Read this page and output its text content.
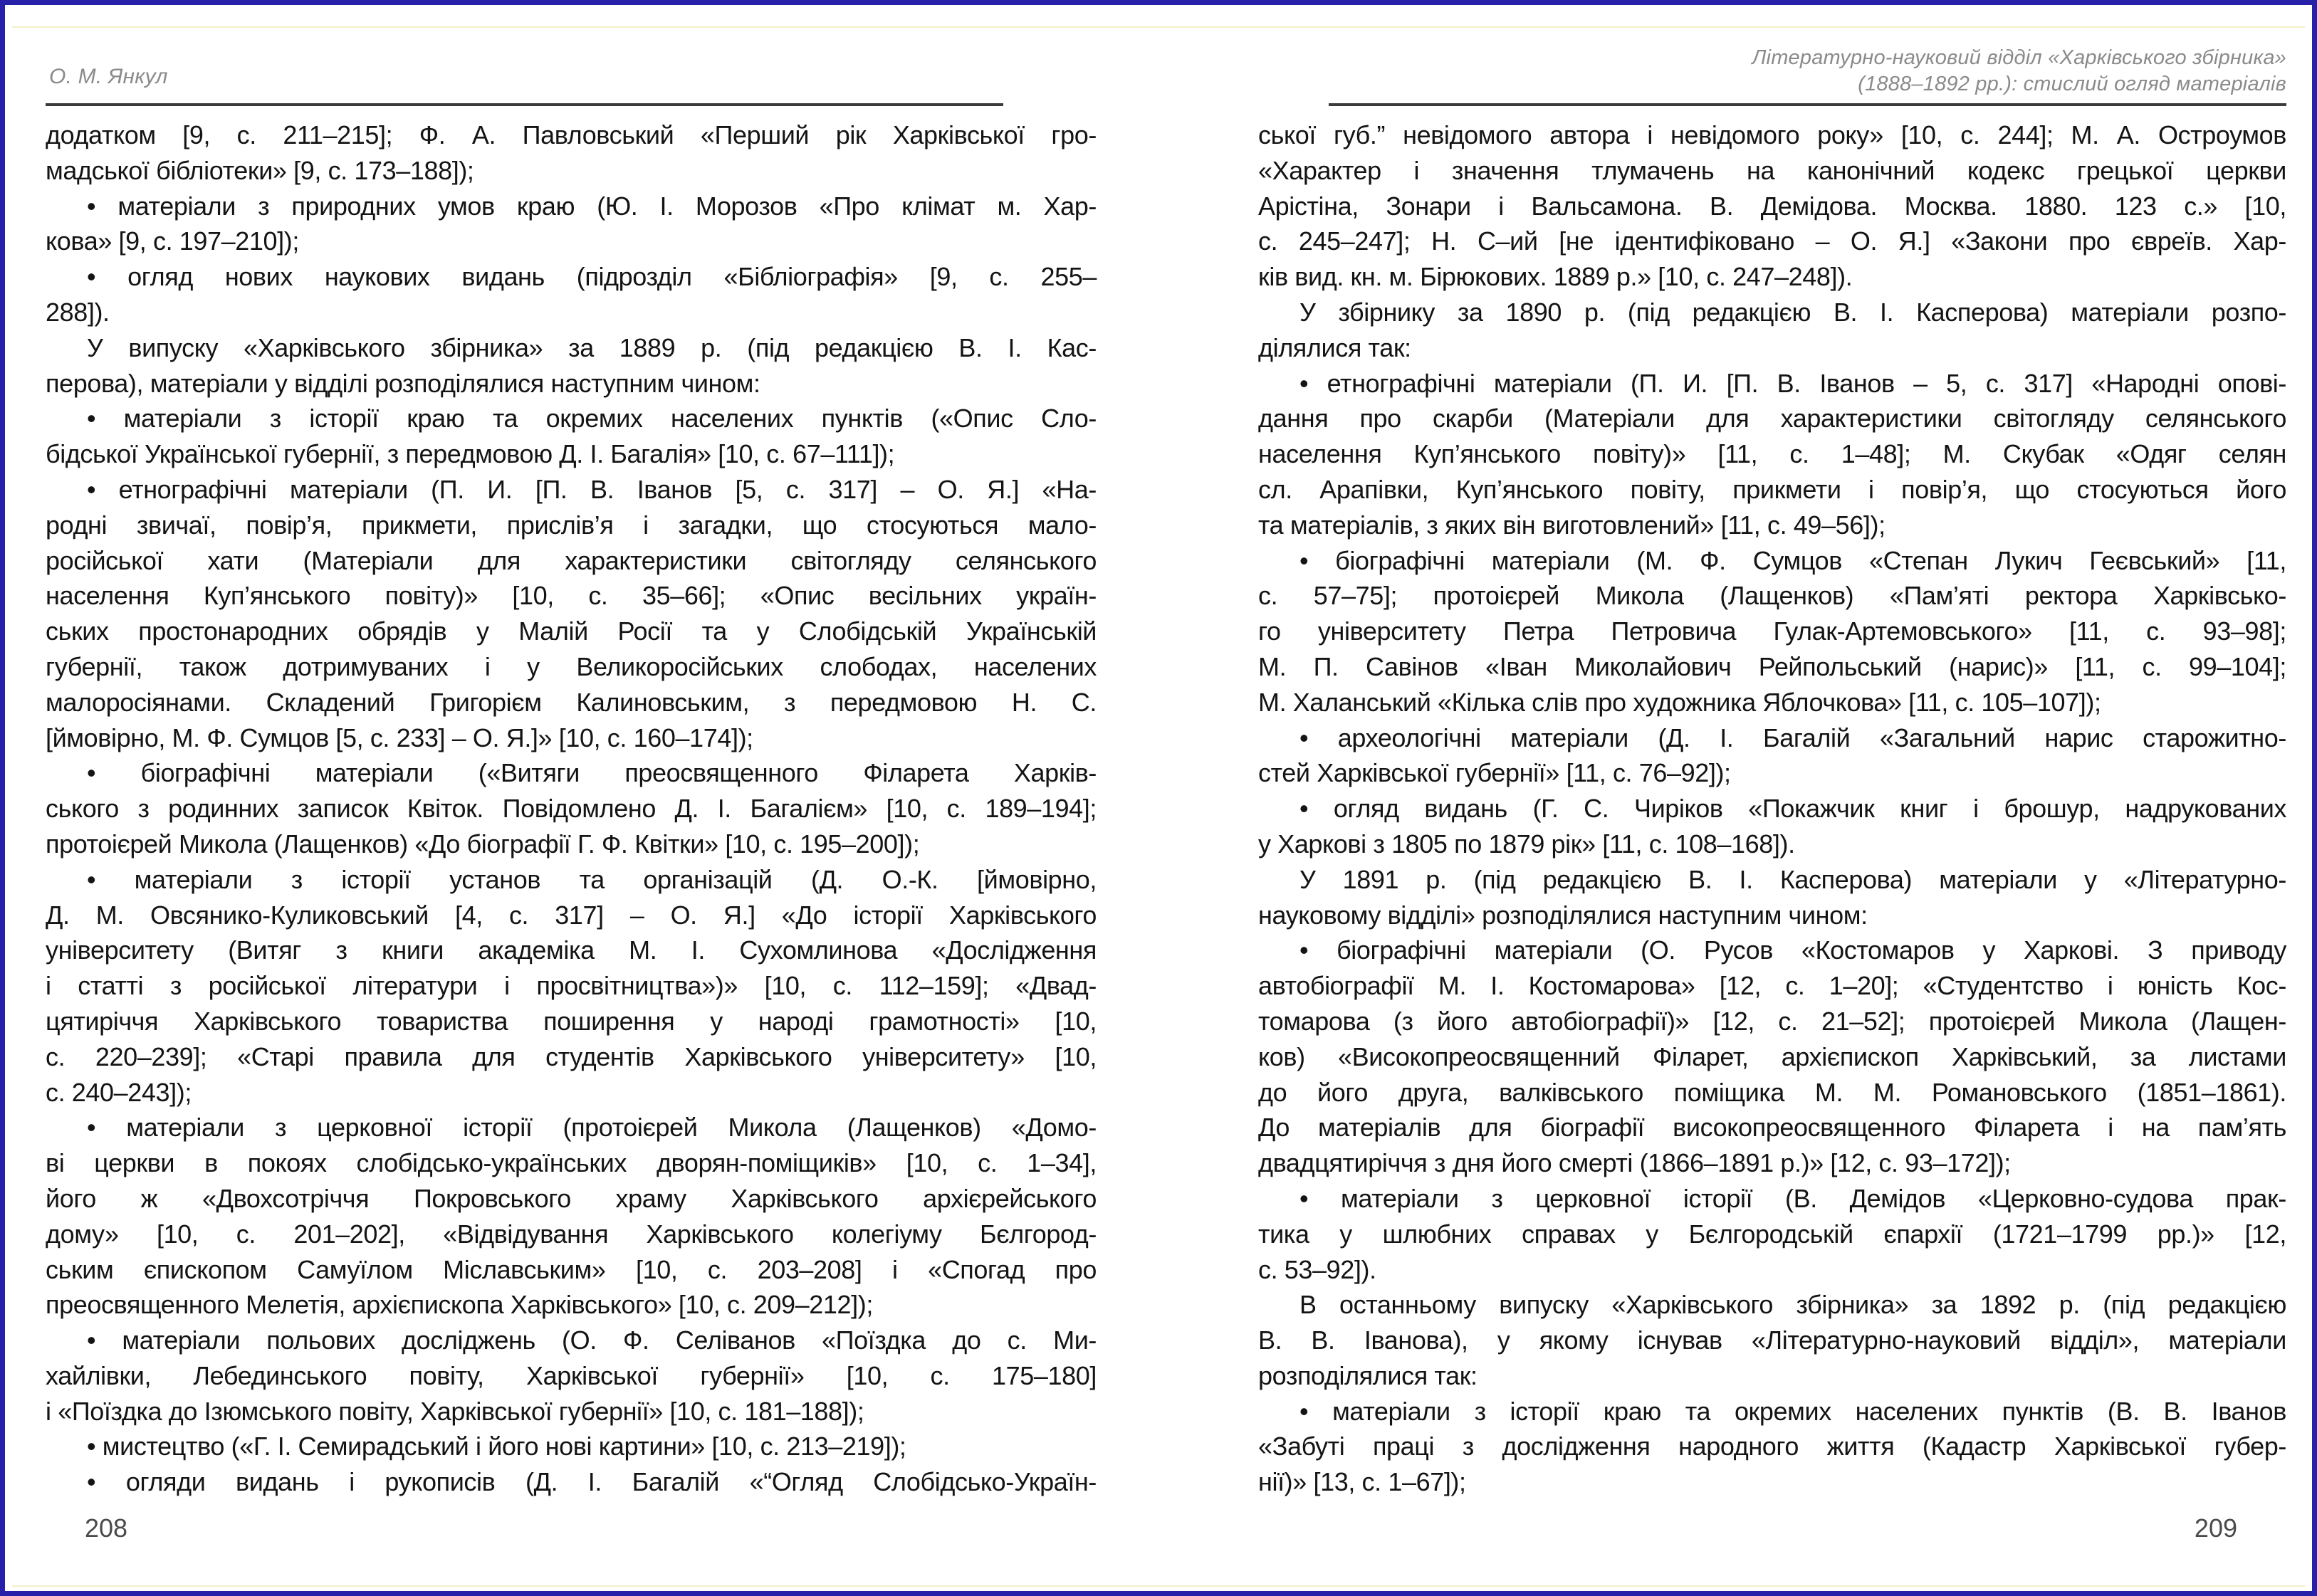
О. М. Янкул
Літературно-науковий відділ «Харківського збірника»
(1888–1892 рр.): стислий огляд матеріалів
додатком [9, с. 211–215]; Ф. А. Павловський «Перший рік Харківської гро-
мадської бібліотеки» [9, с. 173–188]);
• матеріали з природних умов краю (Ю. І. Морозов «Про клімат м. Хар-
кова» [9, с. 197–210]);
• огляд нових наукових видань (підрозділ «Бібліографія» [9, с. 255–
288]).
У випуску «Харківського збірника» за 1889 р. (під редакцією В. І. Кас-
перова), матеріали у відділі розподілялися наступним чином:
• матеріали з історії краю та окремих населених пунктів («Опис Сло-
бідської Української губернії, з передмовою Д. І. Багалія» [10, с. 67–111]);
• етнографічні матеріали (П. И. [П. В. Іванов [5, с. 317] – О. Я.] «На-
родні звичаї, повір’я, прикмети, прислів’я і загадки, що стосуються мало-
російської хати (Матеріали для характеристики світогляду селянського
населення Куп’янського повіту)» [10, с. 35–66]; «Опис весільних україн-
ських простонародних обрядів у Малій Росії та у Слобідській Українській
губернії, також дотримуваних і у Великоросійських слободах, населених
малоросіянами. Складений Григорієм Калиновським, з передмовою Н. С.
[ймовірно, М. Ф. Сумцов [5, с. 233] – О. Я.]» [10, с. 160–174]);
• біографічні матеріали («Витяги преосвященного Філарета Харків-
ського з родинних записок Квіток. Повідомлено Д. І. Багалієм» [10, с. 189–194];
протоієрей Микола (Лащенков) «До біографії Г. Ф. Квітки» [10, с. 195–200]);
• матеріали з історії установ та організацій (Д. О.-К. [ймовірно,
Д. М. Овсянико-Куликовський [4, с. 317] – О. Я.] «До історії Харківського
університету (Витяг з книги академіка М. І. Сухомлинова «Дослідження
і статті з російської літератури і просвітництва»)» [10, с. 112–159]; «Двад-
цятиріччя Харківського товариства поширення у народі грамотності» [10,
с. 220–239]; «Старі правила для студентів Харківського університету» [10,
с. 240–243]);
• матеріали з церковної історії (протоієрей Микола (Лащенков) «Домо-
ві церкви в покоях слобідсько-українських дворян-поміщиків» [10, с. 1–34],
його ж «Двохсотріччя Покровського храму Харківського архієрейського
дому» [10, с. 201–202], «Відвідування Харківського колегіуму Бєлгород-
ським єпископом Самуїлом Міславським» [10, с. 203–208] і «Спогад про
преосвященного Мелетія, архієпископа Харківського» [10, с. 209–212]);
• матеріали польових досліджень (О. Ф. Селіванов «Поїздка до с. Ми-
хайлівки, Лебединського повіту, Харківської губернії» [10, с. 175–180]
і «Поїздка до Ізюмського повіту, Харківської губернії» [10, с. 181–188]);
• мистецтво («Г. І. Семирадський і його нові картини» [10, с. 213–219]);
• огляди видань і рукописів (Д. І. Багалій «“Огляд Слобідсько-Україн-
ської губ.” невідомого автора і невідомого року» [10, с. 244]; М. А. Остроумов
«Характер і значення тлумачень на канонічний кодекс грецької церкви
Арістіна, Зонари і Вальсамона. В. Демідова. Москва. 1880. 123 с.» [10,
с. 245–247]; Н. С–ий [не ідентифіковано – О. Я.] «Закони про євреїв. Хар-
ків вид. кн. м. Бірюкових. 1889 р.» [10, с. 247–248]).
У збірнику за 1890 р. (під редакцією В. І. Касперова) матеріали розпо-
ділялися так:
• етнографічні матеріали (П. И. [П. В. Іванов – 5, с. 317] «Народні опові-
дання про скарби (Матеріали для характеристики світогляду селянського
населення Куп’янського повіту)» [11, с. 1–48]; М. Скубак «Одяг селян
сл. Арапівки, Куп’янського повіту, прикмети і повір’я, що стосуються його
та матеріалів, з яких він виготовлений» [11, с. 49–56]);
• біографічні матеріали (М. Ф. Сумцов «Степан Лукич Геєвський» [11,
с. 57–75]; протоієрей Микола (Лащенков) «Пам’яті ректора Харківсько-
го університету Петра Петровича Гулак-Артемовського» [11, с. 93–98];
М. П. Савінов «Іван Миколайович Рейпольський (нарис)» [11, с. 99–104];
М. Халанський «Кілька слів про художника Яблочкова» [11, с. 105–107]);
• археологічні матеріали (Д. І. Багалій «Загальний нарис старожитно-
стей Харківської губернії» [11, с. 76–92]);
• огляд видань (Г. С. Чиріков «Покажчик книг і брошур, надрукованих
у Харкові з 1805 по 1879 рік» [11, с. 108–168]).
У 1891 р. (під редакцією В. І. Касперова) матеріали у «Літературно-
науковому відділі» розподілялися наступним чином:
• біографічні матеріали (О. Русов «Костомаров у Харкові. З приводу
автобіографії М. І. Костомарова» [12, с. 1–20]; «Студентство і юність Кос-
томарова (з його автобіографії)» [12, с. 21–52]; протоієрей Микола (Лащен-
ков) «Високопреосвященний Філарет, архієпископ Харківський, за листами
до його друга, валківського поміщика М. М. Романовського (1851–1861).
До матеріалів для біографії високопреосвященного Філарета і на пам’ять
двадцятиріччя з дня його смерті (1866–1891 р.)» [12, с. 93–172]);
• матеріали з церковної історії (В. Демідов «Церковно-судова прак-
тика у шлюбних справах у Бєлгородській єпархії (1721–1799 рр.)» [12,
с. 53–92]).
В останньому випуску «Харківського збірника» за 1892 р. (під редакцією
В. В. Іванова), у якому існував «Літературно-науковий відділ», матеріали
розподілялися так:
• матеріали з історії краю та окремих населених пунктів (В. В. Іванов
«Забуті праці з дослідження народного життя (Кадастр Харківської губер-
нії)» [13, с. 1–67]);
208	209
